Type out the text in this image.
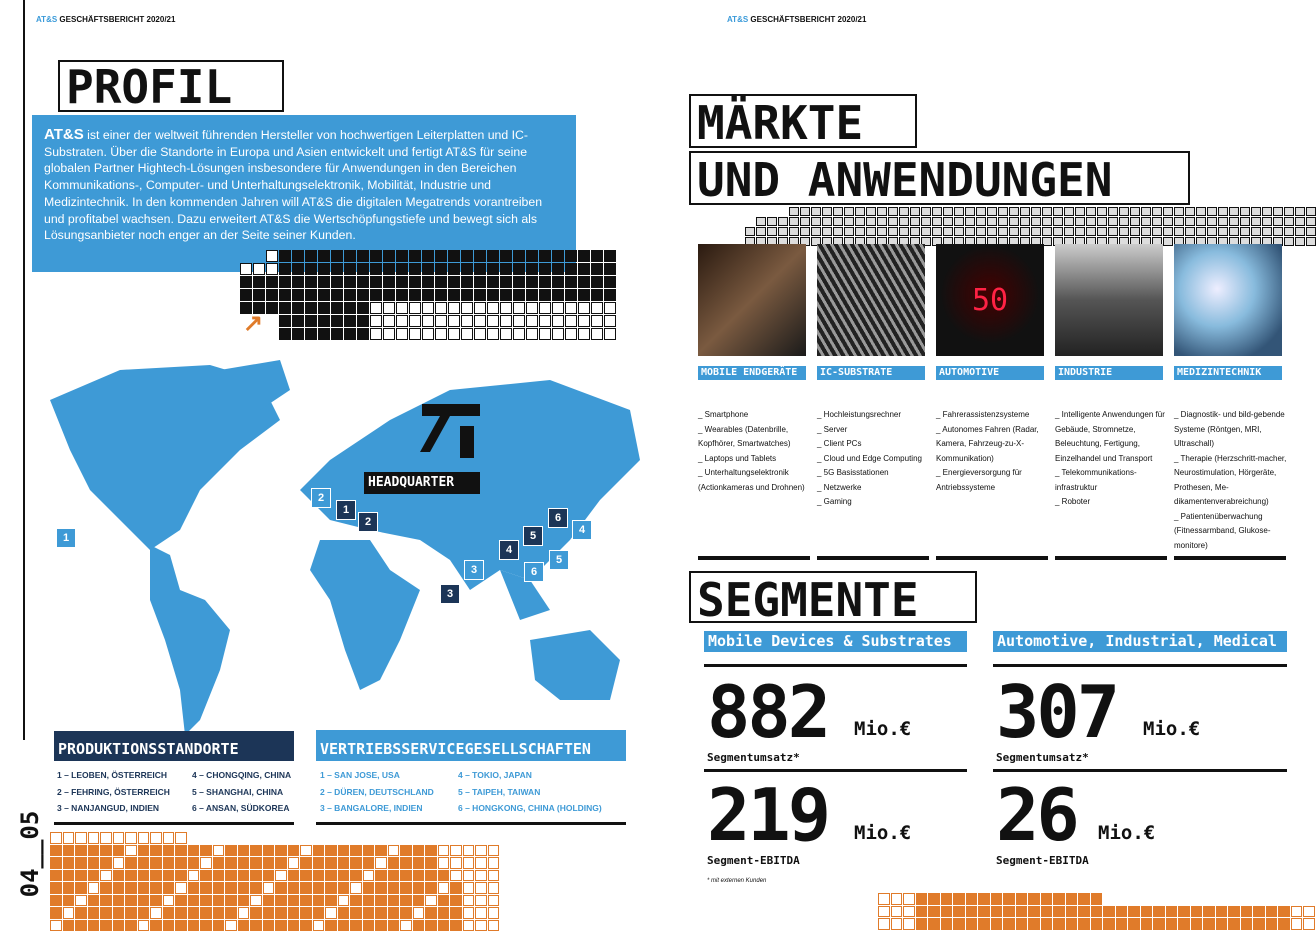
AT&S GESCHÄFTSBERICHT 2020/21
PROFIL
AT&S ist einer der weltweit führenden Hersteller von hochwertigen Leiterplatten und IC-Substraten. Über die Standorte in Europa und Asien entwickelt und fertigt AT&S für seine globalen Partner Hightech-Lösungen insbesondere für Anwendungen in den Bereichen Kommunikations-, Computer- und Unterhaltungselektronik, Mobilität, Industrie und Medizintechnik. In den kommenden Jahren will AT&S die digitalen Megatrends vorantreiben und profitabel wachsen. Dazu erweitert AT&S die Wertschöpfungstiefe und bewegt sich als Lösungsanbieter noch enger an der Seite seiner Kunden.
↗
HEADQUARTER
1
2
3
4
5
6
1
2
3
4
5
6
PRODUKTIONSSTANDORTE
1 – LEOBEN, ÖSTERREICH
2 – FEHRING, ÖSTERREICH
3 – NANJANGUD, INDIEN
4 – CHONGQING, CHINA
5 – SHANGHAI, CHINA
6 – ANSAN, SÜDKOREA
VERTRIEBSSERVICEGESELLSCHAFTEN
1 – SAN JOSE, USA
2 – DÜREN, DEUTSCHLAND
3 – BANGALORE, INDIEN
4 – TOKIO, JAPAN
5 – TAIPEH, TAIWAN
6 – HONGKONG, CHINA (HOLDING)
04__05
AT&S GESCHÄFTSBERICHT 2020/21
MÄRKTE
UND ANWENDUNGEN
50
MOBILE ENDGERÄTE
_ Smartphone
_ Wearables (Datenbrille, Kopfhörer, Smartwatches)
_ Laptops und Tablets
_ Unterhaltungselektronik (Actionkameras und Drohnen)
IC-SUBSTRATE
_ Hochleistungsrechner
_ Server
_ Client PCs
_ Cloud und Edge Computing
_ 5G Basisstationen
_ Netzwerke
_ Gaming
AUTOMOTIVE
_ Fahrerassistenzsysteme
_ Autonomes Fahren (Radar, Kamera, Fahrzeug-zu-X-Kommunikation)
_ Energieversorgung für Antriebssysteme
INDUSTRIE
_ Intelligente Anwendungen für Gebäude, Stromnetze, Beleuchtung, Fertigung, Einzelhandel und Transport
_ Telekommunikations-infrastruktur
_ Roboter
MEDIZINTECHNIK
_ Diagnostik- und bild-gebende Systeme (Röntgen, MRI, Ultraschall)
_ Therapie (Herzschritt-macher, Neurostimulation, Hörgeräte, Prothesen, Me-dikamentenverabreichung)
_ Patientenüberwachung (Fitnessarmband, Glukose-monitore)
SEGMENTE
Mobile Devices & Substrates
882 Mio.€
Segmentumsatz*
219 Mio.€
Segment-EBITDA
* mit externen Kunden
Automotive, Industrial, Medical
307 Mio.€
Segmentumsatz*
26 Mio.€
Segment-EBITDA
